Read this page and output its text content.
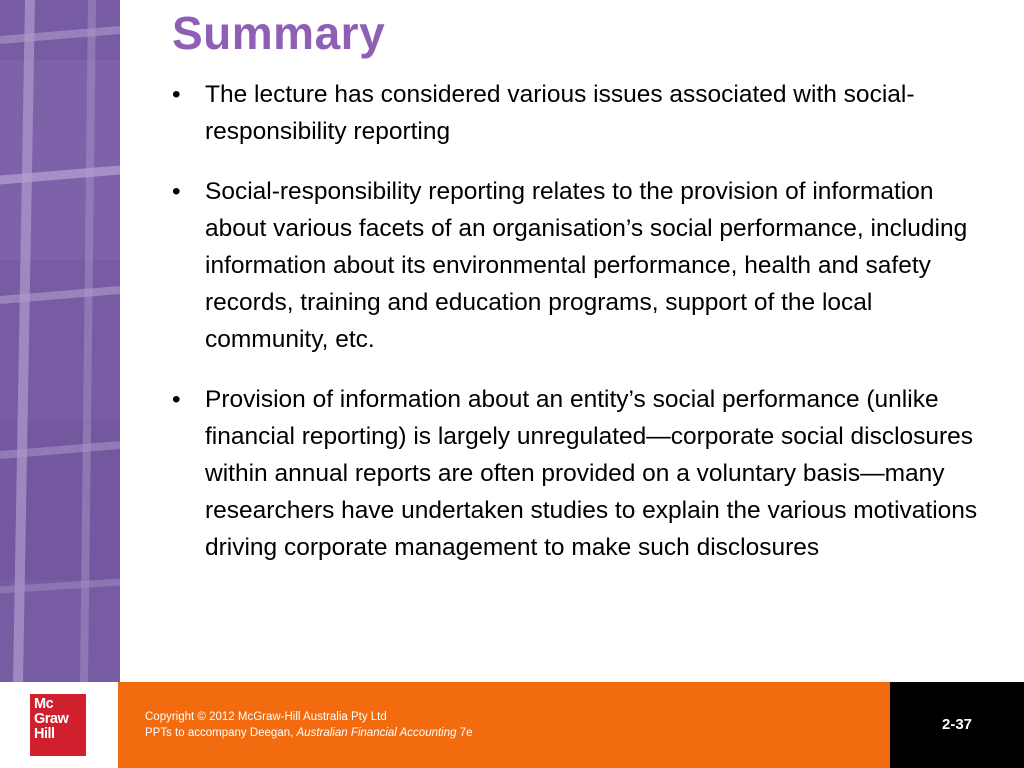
Summary
• The lecture has considered various issues associated with social-responsibility reporting
• Social-responsibility reporting relates to the provision of information about various facets of an organisation’s social performance, including information about its environmental performance, health and safety records, training and education programs, support of the local community, etc.
• Provision of information about an entity’s social performance (unlike financial reporting) is largely unregulated—corporate social disclosures within annual reports are often provided on a voluntary basis—many researchers have undertaken studies to explain the various motivations driving corporate management to make such disclosures
Mc
Graw
Hill
Copyright © 2012 McGraw-Hill Australia Pty Ltd
PPTs to accompany Deegan, Australian Financial Accounting 7e	2-37
